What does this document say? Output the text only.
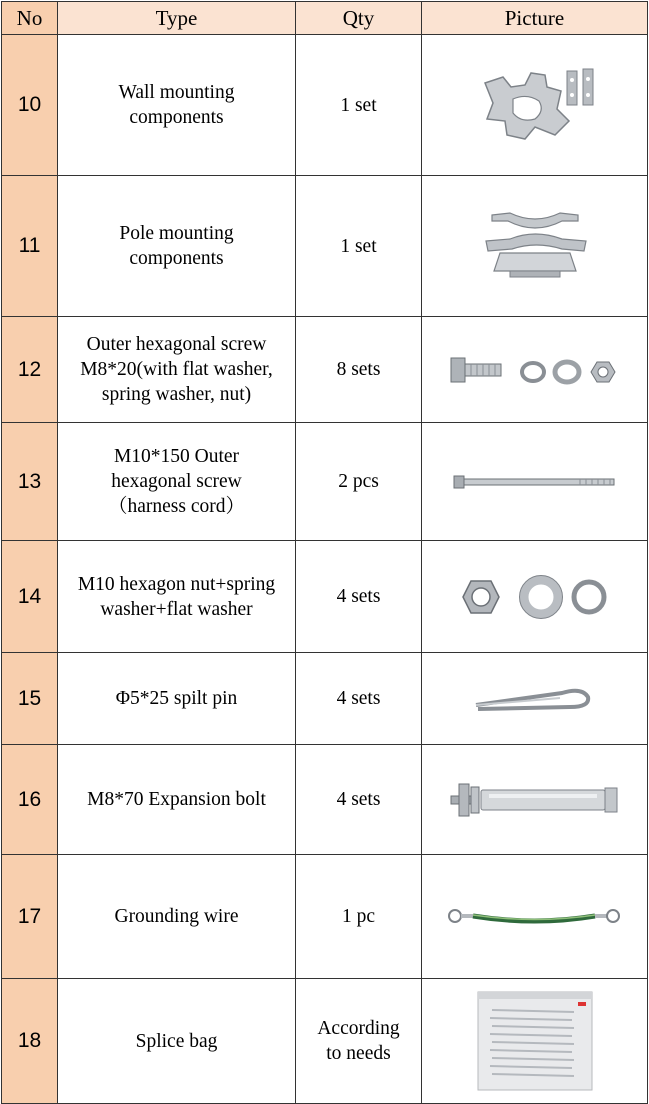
No	Type	Qty	Picture
10	Wall mounting components	1 set	

11	Pole mounting components	1 set	

12	Outer hexagonal screw M8*20(with flat washer, spring washer, nut)	8 sets	

13	M10*150 Outer hexagonal screw （harness cord）	2 pcs	

14	M10 hexagon nut+spring washer+flat washer	4 sets	

15	Φ5*25 spilt pin	4 sets	

16	M8*70 Expansion bolt	4 sets	

17	Grounding wire	1 pc	

18	Splice bag	According to needs	
